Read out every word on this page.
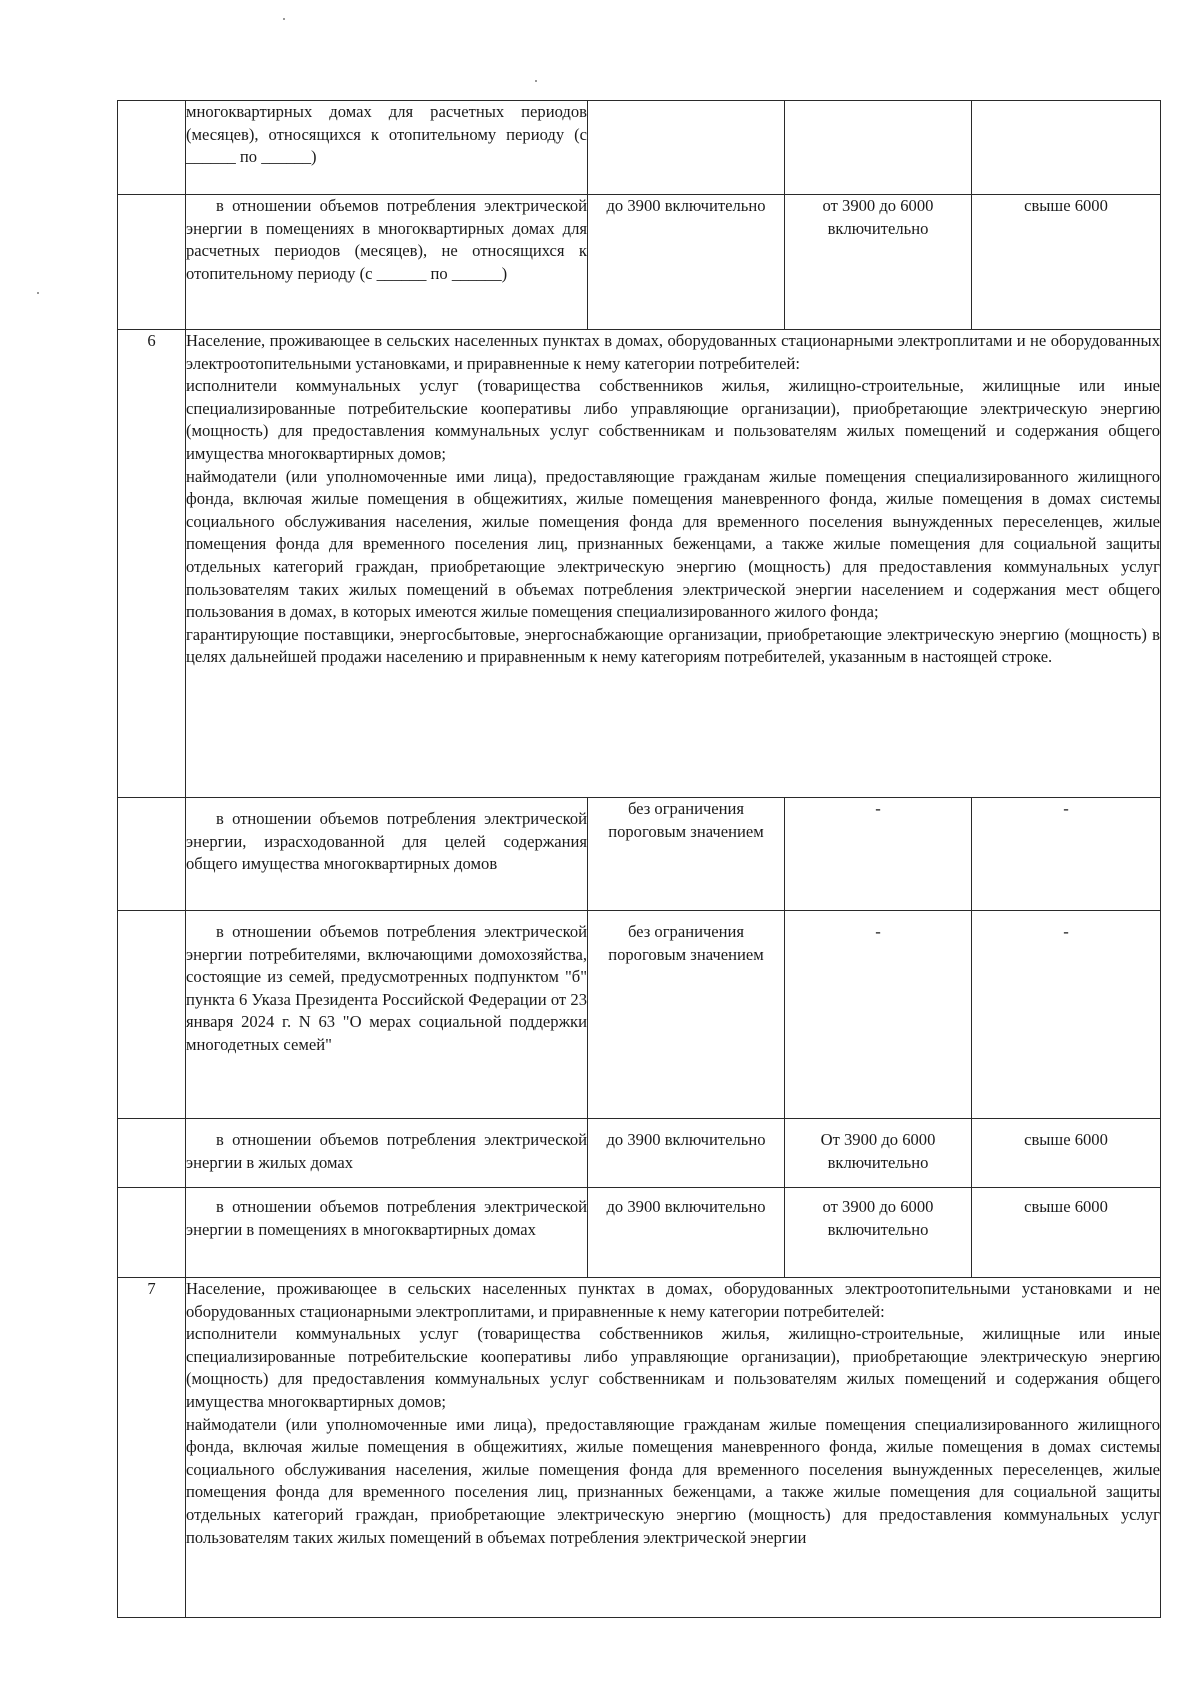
	многоквартирных домах для расчетных периодов (месяцев), относящихся к отопительному периоду (с ______ по ______)			
	в отношении объемов потребления электрической энергии в помещениях в многоквартирных домах для расчетных периодов (месяцев), не относящихся к отопительному периоду (с ______ по ______)	до 3900 включительно	от 3900 до 6000 включительно	свыше 6000
6	Население, проживающее в сельских населенных пунктах в домах, оборудованных стационарными электроплитами и не оборудованных электроотопительными установками, и приравненные к нему категории потребителей:

исполнители коммунальных услуг (товарищества собственников жилья, жилищно-строительные, жилищные или иные специализированные потребительские кооперативы либо управляющие организации), приобретающие электрическую энергию (мощность) для предоставления коммунальных услуг собственникам и пользователям жилых помещений и содержания общего имущества многоквартирных домов;

наймодатели (или уполномоченные ими лица), предоставляющие гражданам жилые помещения специализированного жилищного фонда, включая жилые помещения в общежитиях, жилые помещения маневренного фонда, жилые помещения в домах системы социального обслуживания населения, жилые помещения фонда для временного поселения вынужденных переселенцев, жилые помещения фонда для временного поселения лиц, признанных беженцами, а также жилые помещения для социальной защиты отдельных категорий граждан, приобретающие электрическую энергию (мощность) для предоставления коммунальных услуг пользователям таких жилых помещений в объемах потребления электрической энергии населением и содержания мест общего пользования в домах, в которых имеются жилые помещения специализированного жилого фонда;

гарантирующие поставщики, энергосбытовые, энергоснабжающие организации, приобретающие электрическую энергию (мощность) в целях дальнейшей продажи населению и приравненным к нему категориям потребителей, указанным в настоящей строке.			

	в отношении объемов потребления электрической энергии, израсходованной для целей содержания общего имущества многоквартирных домов	без ограничения пороговым значением	-	-
	в отношении объемов потребления электрической энергии потребителями, включающими домохозяйства, состоящие из семей, предусмотренных подпунктом "б" пункта 6 Указа Президента Российской Федерации от 23 января 2024 г. N 63 "О мерах социальной поддержки многодетных семей"	без ограничения пороговым значением	-	-
	в отношении объемов потребления электрической энергии в жилых домах	до 3900 включительно	От 3900 до 6000 включительно	свыше 6000
	в отношении объемов потребления электрической энергии в помещениях в многоквартирных домах	до 3900 включительно	от 3900 до 6000 включительно	свыше 6000
7	Население, проживающее в сельских населенных пунктах в домах, оборудованных электроотопительными установками и не оборудованных стационарными электроплитами, и приравненные к нему категории потребителей:

исполнители коммунальных услуг (товарищества собственников жилья, жилищно-строительные, жилищные или иные специализированные потребительские кооперативы либо управляющие организации), приобретающие электрическую энергию (мощность) для предоставления коммунальных услуг собственникам и пользователям жилых помещений и содержания общего имущества многоквартирных домов;

наймодатели (или уполномоченные ими лица), предоставляющие гражданам жилые помещения специализированного жилищного фонда, включая жилые помещения в общежитиях, жилые помещения маневренного фонда, жилые помещения в домах системы социального обслуживания населения, жилые помещения фонда для временного поселения вынужденных переселенцев, жилые помещения фонда для временного поселения лиц, признанных беженцами, а также жилые помещения для социальной защиты отдельных категорий граждан, приобретающие электрическую энергию (мощность) для предоставления коммунальных услуг пользователям таких жилых помещений в объемах потребления электрической энергии			
